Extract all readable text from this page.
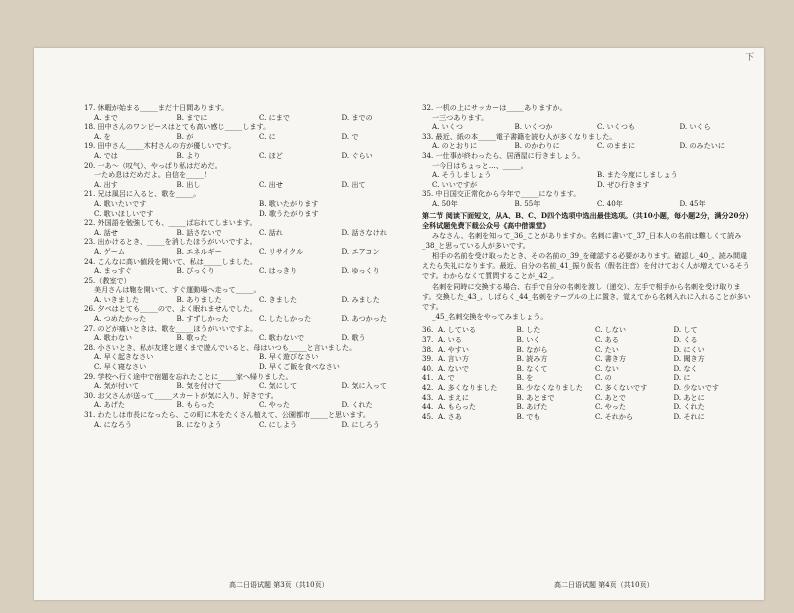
下
17. 休暇が始まる_____まだ十日間あります。
A. まで	B. までに	C. にまで	D. までの
18. 田中さんのワンピースはとても高い感じ_____します。
A. を	B. が	C. に	D. で
19. 田中さん_____木村さんの方が優しいです。
A. では	B. より	C. ほど	D. ぐらい
20. 一あ～（叹气）、やっぱり私はだめだ。
一ため息はだめだよ。自信を_____！
A. 出す	B. 出し	C. 出せ	D. 出て
21. 兄は風呂に入ると、歌を_____。
A. 歌いたいです	B. 歌いたがります
C. 歌いほしいです	D. 歌うたがります
22. 外国語を勉強しても、_____ば忘れてしまいます。
A. 話せ	B. 話さないで	C. 話れ	D. 話さなけれ
23. 出かけるとき、_____を消したほうがいいですよ。
A. ゲーム	B. エネルギー	C. リサイクル	D. エアコン
24. こんなに高い値段を聞いて、私は_____しました。
A. まっすぐ	B. びっくり	C. はっきり	D. ゆっくり
25.（教室で）
美月さんは鞄を開いて、すぐ運動場へ走って_____。
A. いきました	B. ありました	C. きました	D. みました
26. 夕べはとても_____ので、よく眠れませんでした。
A. つめたかった	B. すずしかった	C. したしかった	D. あつかった
27. のどが痛いときは、歌を_____ほうがいいですよ。
A. 歌わない	B. 歌った	C. 歌わないで	D. 歌う
28. 小さいとき、私が友達と遅くまで遊んでいると、母はいつも_____と言いました。
A. 早く起きなさい	B. 早く遊びなさい
C. 早く寝なさい	D. 早くご飯を食べなさい
29. 学校へ行く途中で宿題を忘れたことに_____家へ帰りました。
A. 気が付いて	B. 気を付けて	C. 気にして	D. 気に入って
30. お父さんが送って_____スカートが気に入り、好きです。
A. あげた	B. もらった	C. やった	D. くれた
31. わたしは市長になったら、この町に木をたくさん植えて、公園都市_____と思います。
A. になろう	B. になりよう	C. にしよう	D. にしろう
32. 一机の上にサッカーは_____ありますか。
一三つあります。
A. いくつ	B. いくつか	C. いくつも	D. いくら
33. 最近、紙の本_____電子書籍を読む人が多くなりました。
A. のとおりに	B. のかわりに	C. のままに	D. のみたいに
34. 一仕事が終わったら、居酒屋に行きましょう。
一今日はちょっと…、_____。
A. そうしましょう	B. また今度にしましょう
C. いいですが	D. ぜひ行きます
35. 中日国交正常化から今年で_____になります。
A. 50年	B. 55年	C. 40年	D. 45年
第二节 阅读下面短文，从A、B、C、D四个选项中选出最佳选项。（共10小题，每小题2分，满分20分）全科试题免费下载公众号《高中借课堂》
みなさん、名刺を知って_36_ことがありますか。名刺に書いて_37_日本人の名前は難しくて読み_38_と思っている人が多いです。
相手の名前を受け取ったとき、その名前の_39_を確認する必要があります。確認し_40_、読み間違えたら失礼になります。最近、自分の名前_41_振り仮名（假名注音）を付けておく人が増えているそうです。わからなくて質問することが_42_。
名刺を同時に交換する場合、右手で自分の名刺を渡し（递交）、左手で相手から名刺を受け取ります。交換した_43_、しばらく_44_名刺をテーブルの上に置き、覚えてから名刺入れに入れることが多いです。
_45_名刺交換をやってみましょう。
36. A. している	B. した	C. しない	D. して
37. A. いる	B. いく	C. ある	D. くる
38. A. やすい	B. ながら	C. たい	D. にくい
39. A. 言い方	B. 読み方	C. 書き方	D. 聞き方
40. A. ないで	B. なくて	C. ない	D. なく
41. A. で	B. を	C. の	D. に
42. A. 多くなりました	B. 少なくなりました	C. 多くないです	D. 少ないです
43. A. まえに	B. あとまで	C. あとで	D. あとに
44. A. もらった	B. あげた	C. やった	D. くれた
45. A. さあ	B. でも	C. それから	D. それに
高二日语试题 第3页（共10页）	高二日语试题 第4页（共10页）
